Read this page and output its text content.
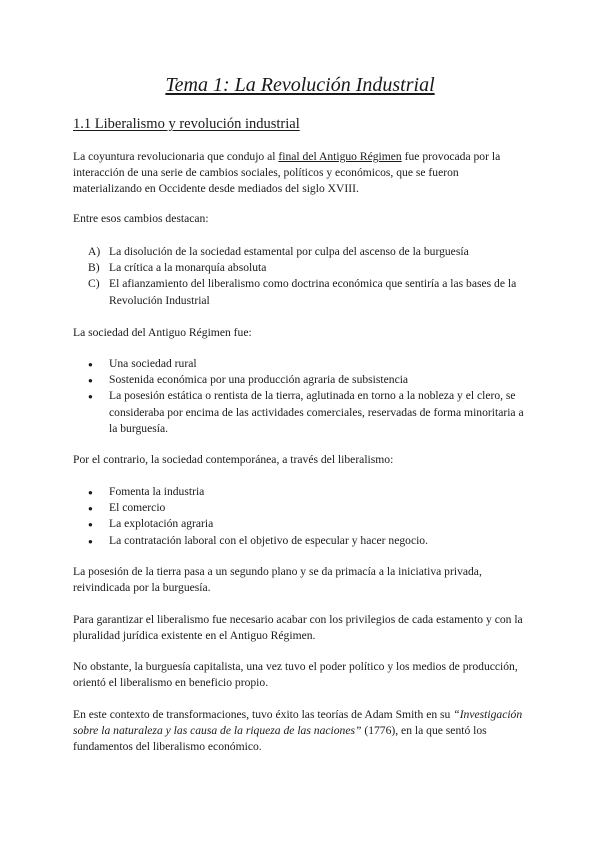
Tema 1: La Revolución Industrial
1.1 Liberalismo y revolución industrial

La coyuntura revolucionaria que condujo al final del Antiguo Régimen fue provocada por la interacción de una serie de cambios sociales, políticos y económicos, que se fueron materializando en Occidente desde mediados del siglo XVIII.

Entre esos cambios destacan:

A) La disolución de la sociedad estamental por culpa del ascenso de la burguesía
B) La crítica a la monarquía absoluta
C) El afianzamiento del liberalismo como doctrina económica que sentiría a las bases de la Revolución Industrial

La sociedad del Antiguo Régimen fue:

● Una sociedad rural
● Sostenida económica por una producción agraria de subsistencia
● La posesión estática o rentista de la tierra, aglutinada en torno a la nobleza y el clero, se consideraba por encima de las actividades comerciales, reservadas de forma minoritaria a la burguesía.

Por el contrario, la sociedad contemporánea, a través del liberalismo:

● Fomenta la industria
● El comercio
● La explotación agraria
● La contratación laboral con el objetivo de especular y hacer negocio.

La posesión de la tierra pasa a un segundo plano y se da primacía a la iniciativa privada, reivindicada por la burguesía.

Para garantizar el liberalismo fue necesario acabar con los privilegios de cada estamento y con la pluralidad jurídica existente en el Antiguo Régimen.

No obstante, la burguesía capitalista, una vez tuvo el poder político y los medios de producción, orientó el liberalismo en beneficio propio.

En este contexto de transformaciones, tuvo éxito las teorías de Adam Smith en su “Investigación sobre la naturaleza y las causa de la riqueza de las naciones” (1776), en la que sentó los fundamentos del liberalismo económico.
